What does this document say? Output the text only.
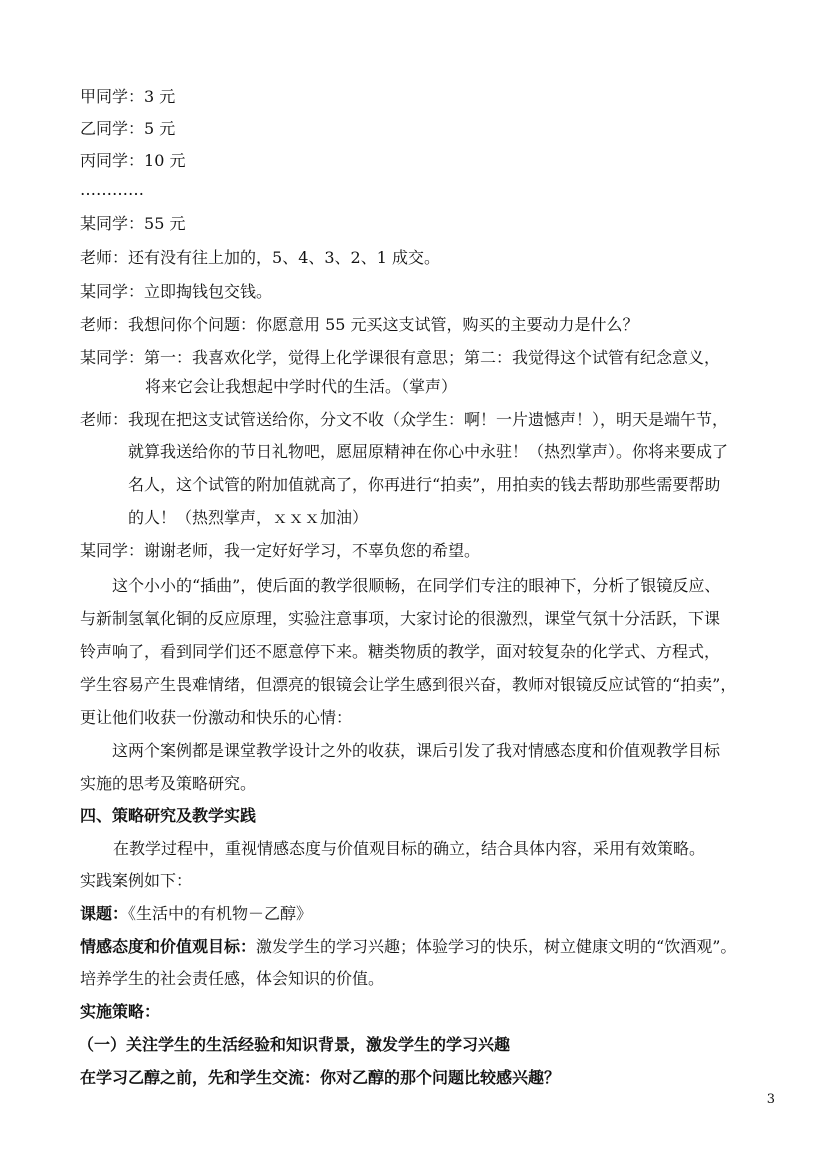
甲同学：3 元
乙同学：5 元
丙同学：10 元
…………
某同学：55 元
老师：还有没有往上加的，5、4、3、2、1 成交。
某同学：立即掏钱包交钱。
老师：我想问你个问题：你愿意用 55 元买这支试管，购买的主要动力是什么？
某同学：第一：我喜欢化学，觉得上化学课很有意思；第二：我觉得这个试管有纪念意义，
将来它会让我想起中学时代的生活。（掌声）
老师：我现在把这支试管送给你，分文不收（众学生：啊！一片遗憾声！），明天是端午节，
就算我送给你的节日礼物吧，愿屈原精神在你心中永驻！（热烈掌声）。你将来要成了
名人，这个试管的附加值就高了，你再进行“拍卖”，用拍卖的钱去帮助那些需要帮助
的人！（热烈掌声，ｘｘｘ加油）
某同学：谢谢老师，我一定好好学习，不辜负您的希望。
这个小小的“插曲”，使后面的教学很顺畅，在同学们专注的眼神下，分析了银镜反应、
与新制氢氧化铜的反应原理，实验注意事项，大家讨论的很激烈，课堂气氛十分活跃，下课
铃声响了，看到同学们还不愿意停下来。糖类物质的教学，面对较复杂的化学式、方程式，
学生容易产生畏难情绪，但漂亮的银镜会让学生感到很兴奋，教师对银镜反应试管的“拍卖”，
更让他们收获一份激动和快乐的心情：
这两个案例都是课堂教学设计之外的收获，课后引发了我对情感态度和价值观教学目标
实施的思考及策略研究。
四、策略研究及教学实践
在教学过程中，重视情感态度与价值观目标的确立，结合具体内容，采用有效策略。
实践案例如下：
课题：《生活中的有机物－乙醇》
情感态度和价值观目标：激发学生的学习兴趣；体验学习的快乐，树立健康文明的“饮酒观”。
培养学生的社会责任感，体会知识的价值。
实施策略：
（一）关注学生的生活经验和知识背景，激发学生的学习兴趣
在学习乙醇之前，先和学生交流：你对乙醇的那个问题比较感兴趣？
3
